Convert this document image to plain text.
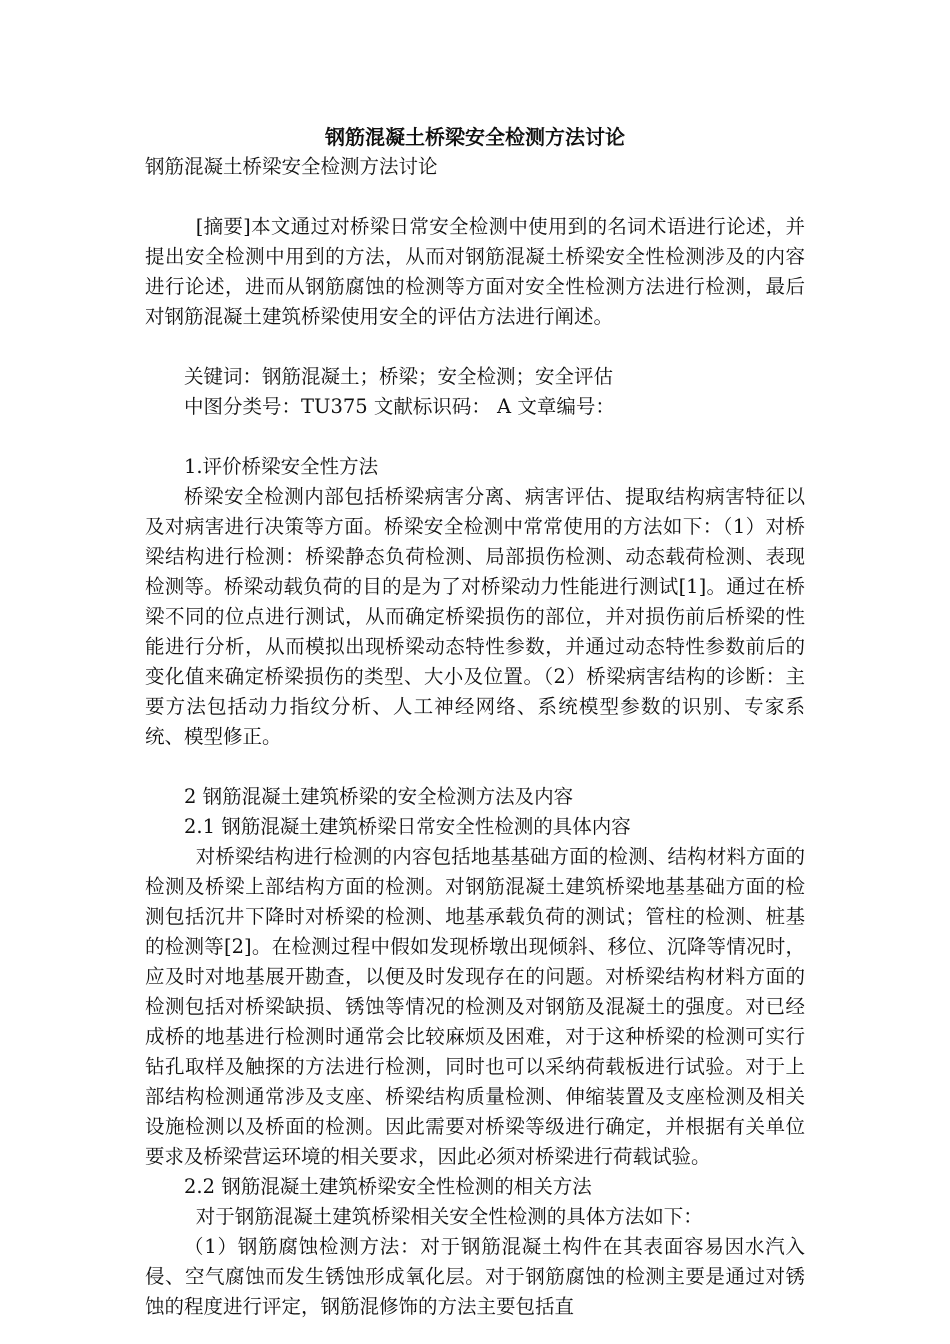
钢筋混凝土桥梁安全检测方法讨论
钢筋混凝土桥梁安全检测方法讨论
[摘要]本文通过对桥梁日常安全检测中使用到的名词术语进行论述，并提出安全检测中用到的方法，从而对钢筋混凝土桥梁安全性检测涉及的内容进行论述，进而从钢筋腐蚀的检测等方面对安全性检测方法进行检测，最后对钢筋混凝土建筑桥梁使用安全的评估方法进行阐述。
关键词：钢筋混凝土；桥梁；安全检测；安全评估
中图分类号：TU375 文献标识码： A 文章编号：
1.评价桥梁安全性方法
桥梁安全检测内部包括桥梁病害分离、病害评估、提取结构病害特征以及对病害进行决策等方面。桥梁安全检测中常常使用的方法如下：（1）对桥梁结构进行检测：桥梁静态负荷检测、局部损伤检测、动态载荷检测、表现检测等。桥梁动载负荷的目的是为了对桥梁动力性能进行测试[1]。通过在桥梁不同的位点进行测试，从而确定桥梁损伤的部位，并对损伤前后桥梁的性能进行分析，从而模拟出现桥梁动态特性参数，并通过动态特性参数前后的变化值来确定桥梁损伤的类型、大小及位置。（2）桥梁病害结构的诊断：主要方法包括动力指纹分析、人工神经网络、系统模型参数的识别、专家系统、模型修正。
2 钢筋混凝土建筑桥梁的安全检测方法及内容
2.1 钢筋混凝土建筑桥梁日常安全性检测的具体内容
对桥梁结构进行检测的内容包括地基基础方面的检测、结构材料方面的检测及桥梁上部结构方面的检测。对钢筋混凝土建筑桥梁地基基础方面的检测包括沉井下降时对桥梁的检测、地基承载负荷的测试；管柱的检测、桩基的检测等[2]。在检测过程中假如发现桥墩出现倾斜、移位、沉降等情况时，应及时对地基展开勘查，以便及时发现存在的问题。对桥梁结构材料方面的检测包括对桥梁缺损、锈蚀等情况的检测及对钢筋及混凝土的强度。对已经成桥的地基进行检测时通常会比较麻烦及困难，对于这种桥梁的检测可实行钻孔取样及触探的方法进行检测，同时也可以采纳荷载板进行试验。对于上部结构检测通常涉及支座、桥梁结构质量检测、伸缩装置及支座检测及相关设施检测以及桥面的检测。因此需要对桥梁等级进行确定，并根据有关单位要求及桥梁营运环境的相关要求，因此必须对桥梁进行荷载试验。
2.2 钢筋混凝土建筑桥梁安全性检测的相关方法
对于钢筋混凝土建筑桥梁相关安全性检测的具体方法如下：
（1）钢筋腐蚀检测方法：对于钢筋混凝土构件在其表面容易因水汽入侵、空气腐蚀而发生锈蚀形成氧化层。对于钢筋腐蚀的检测主要是通过对锈蚀的程度进行评定，钢筋混修饰的方法主要包括直
